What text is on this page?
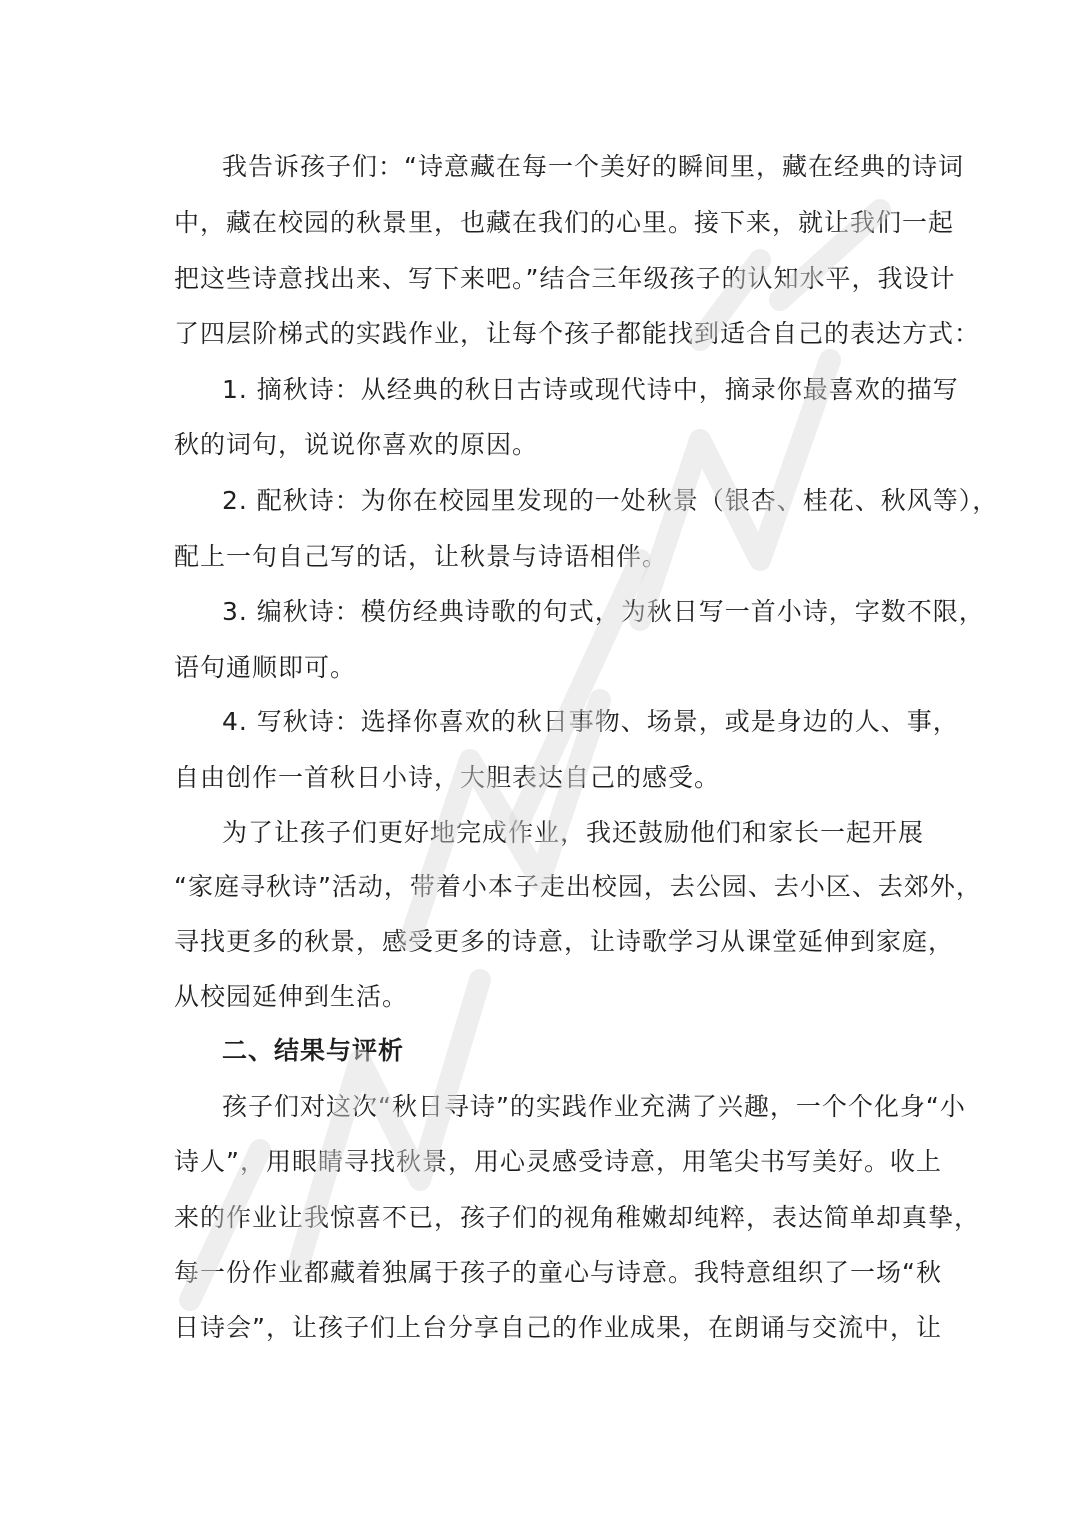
我告诉孩子们：“诗意藏在每一个美好的瞬间里，藏在经典的诗词
中，藏在校园的秋景里，也藏在我们的心里。接下来，就让我们一起
把这些诗意找出来、写下来吧。”结合三年级孩子的认知水平，我设计
了四层阶梯式的实践作业，让每个孩子都能找到适合自己的表达方式：
1. 摘秋诗：从经典的秋日古诗或现代诗中，摘录你最喜欢的描写
秋的词句，说说你喜欢的原因。
2. 配秋诗：为你在校园里发现的一处秋景（银杏、桂花、秋风等），
配上一句自己写的话，让秋景与诗语相伴。
3. 编秋诗：模仿经典诗歌的句式，为秋日写一首小诗，字数不限，
语句通顺即可。
4. 写秋诗：选择你喜欢的秋日事物、场景，或是身边的人、事，
自由创作一首秋日小诗，大胆表达自己的感受。
为了让孩子们更好地完成作业，我还鼓励他们和家长一起开展
“家庭寻秋诗”活动，带着小本子走出校园，去公园、去小区、去郊外，
寻找更多的秋景，感受更多的诗意，让诗歌学习从课堂延伸到家庭，
从校园延伸到生活。
二、结果与评析
孩子们对这次“秋日寻诗”的实践作业充满了兴趣，一个个化身“小
诗人”，用眼睛寻找秋景，用心灵感受诗意，用笔尖书写美好。收上
来的作业让我惊喜不已，孩子们的视角稚嫩却纯粹，表达简单却真挚，
每一份作业都藏着独属于孩子的童心与诗意。我特意组织了一场“秋
日诗会”，让孩子们上台分享自己的作业成果，在朗诵与交流中，让
